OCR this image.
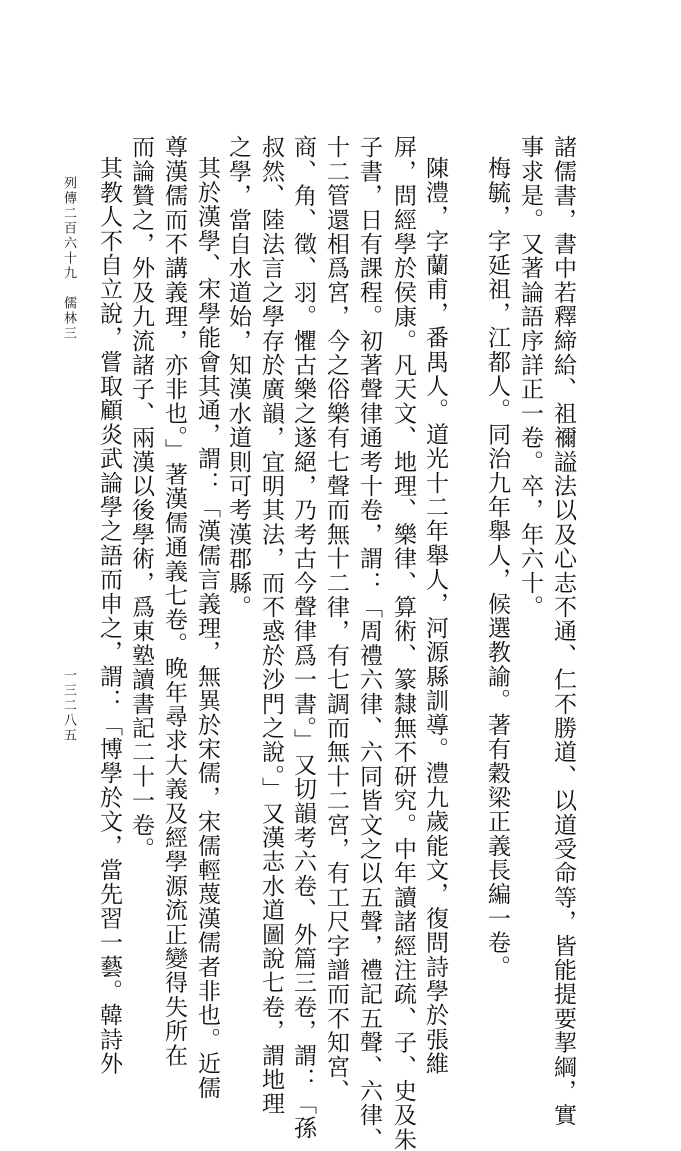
諸儒書，書中若釋締給、祖禰謚法以及心志不通、仁不勝道、以道受命等，皆能提要挈綱，實
事求是。又著論語序詳正一卷。卒，年六十。
梅毓，字延祖，江都人。同治九年舉人，候選教諭。著有穀梁正義長編一卷。
陳澧，字蘭甫，番禺人。道光十二年舉人，河源縣訓導。澧九歲能文，復問詩學於張維
屏，問經學於侯康。凡天文、地理、樂律、算術、篆隸無不研究。中年讀諸經注疏、子、史及朱
子書，日有課程。初著聲律通考十卷，謂：「周禮六律、六同皆文之以五聲，禮記五聲、六律、
十二管還相爲宮，今之俗樂有七聲而無十二律，有七調而無十二宮，有工尺字譜而不知宮、
商、角、徵、羽。懼古樂之遂絕，乃考古今聲律爲一書。」又切韻考六卷、外篇三卷，謂：「孫
叔然、陸法言之學存於廣韻，宜明其法，而不惑於沙門之說。」又漢志水道圖說七卷，謂地理
之學，當自水道始，知漢水道則可考漢郡縣。
其於漢學、宋學能會其通，謂：「漢儒言義理，無異於宋儒，宋儒輕蔑漢儒者非也。近儒
尊漢儒而不講義理，亦非也。」著漢儒通義七卷。晚年尋求大義及經學源流正變得失所在
而論贊之，外及九流諸子、兩漢以後學術，爲東塾讀書記二十一卷。
其教人不自立說，嘗取顧炎武論學之語而申之，謂：「博學於文，當先習一藝。韓詩外
列傳二百六十九　儒林三
一三二八五
